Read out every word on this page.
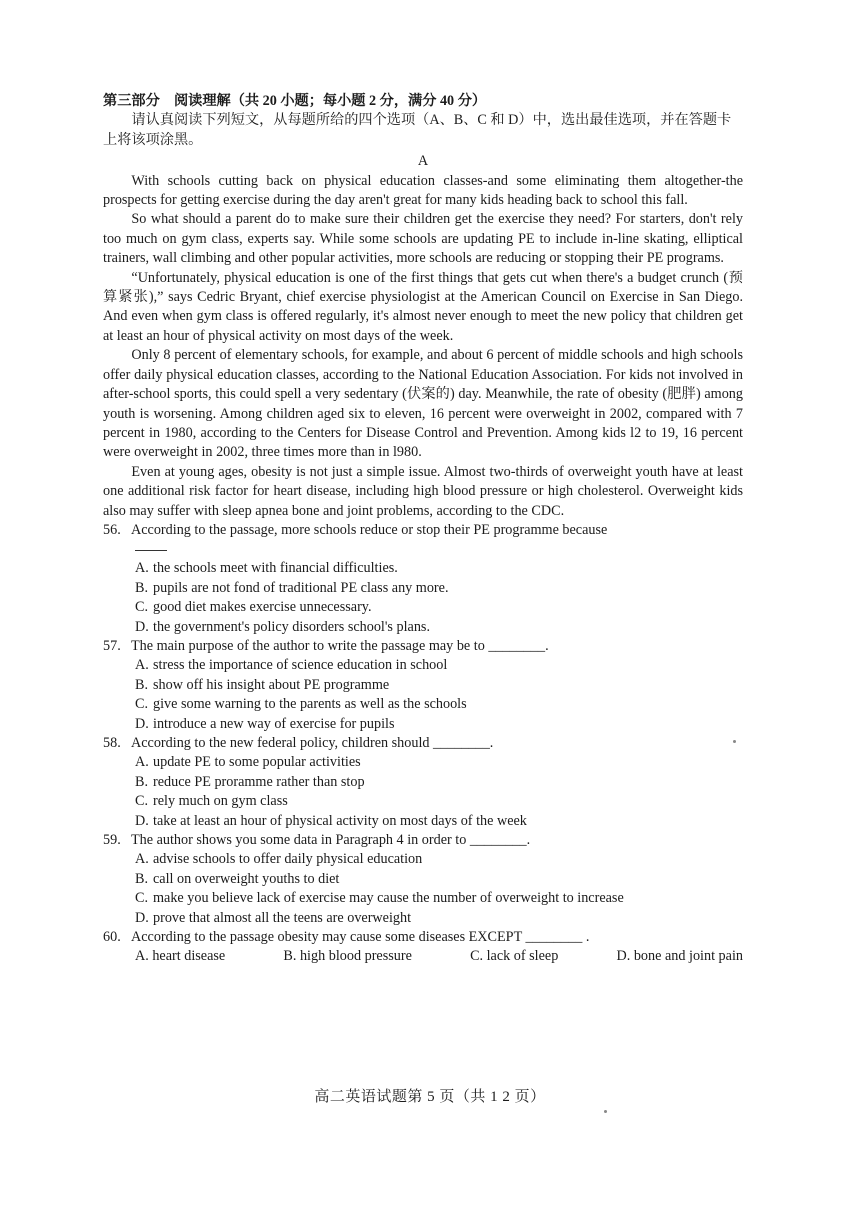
第三部分　阅读理解（共 20 小题；每小题 2 分，满分 40 分）

请认真阅读下列短文，从每题所给的四个选项（A、B、C 和 D）中，选出最佳选项，并在答题卡上将该项涂黑。

A

With schools cutting back on physical education classes-and some eliminating them altogether-the prospects for getting exercise during the day aren't great for many kids heading back to school this fall.

So what should a parent do to make sure their children get the exercise they need? For starters, don't rely too much on gym class, experts say. While some schools are updating PE to include in-line skating, elliptical trainers, wall climbing and other popular activities, more schools are reducing or stopping their PE programs.

“Unfortunately, physical education is one of the first things that gets cut when there's a budget crunch (预算紧张),” says Cedric Bryant, chief exercise physiologist at the American Council on Exercise in San Diego. And even when gym class is offered regularly, it's almost never enough to meet the new policy that children get at least an hour of physical activity on most days of the week.

Only 8 percent of elementary schools, for example, and about 6 percent of middle schools and high schools offer daily physical education classes, according to the National Education Association. For kids not involved in after-school sports, this could spell a very sedentary (伏案的) day. Meanwhile, the rate of obesity (肥胖) among youth is worsening. Among children aged six to eleven, 16 percent were overweight in 2002, compared with 7 percent in 1980, according to the Centers for Disease Control and Prevention. Among kids l2 to 19, 16 percent were overweight in 2002, three times more than in l980.

Even at young ages, obesity is not just a simple issue. Almost two-thirds of overweight youth have at least one additional risk factor for heart disease, including high blood pressure or high cholesterol. Overweight kids also may suffer with sleep apnea bone and joint problems, according to the CDC.

56. According to the passage, more schools reduce or stop their PE programme because

A. the schools meet with financial difficulties.

B. pupils are not fond of traditional PE class any more.

C. good diet makes exercise unnecessary.

D. the government's policy disorders school's plans.

57. The main purpose of the author to write the passage may be to ________.

A. stress the importance of science education in school

B. show off his insight about PE programme

C. give some warning to the parents as well as the schools

D. introduce a new way of exercise for pupils

58. According to the new federal policy, children should ________.

A. update PE to some popular activities

B. reduce PE proramme rather than stop

C. rely much on gym class

D. take at least an hour of physical activity on most days of the week

59. The author shows you some data in Paragraph 4 in order to ________.

A. advise schools to offer daily physical education

B. call on overweight youths to diet

C. make you believe lack of exercise may cause the number of overweight to increase

D. prove that almost all the teens are overweight

60. According to the passage obesity may cause some diseases EXCEPT ________ .

A. heart disease	B. high blood pressure	C. lack of sleep	D. bone and joint pain
高二英语试题第 5 页（共 1 2 页）
